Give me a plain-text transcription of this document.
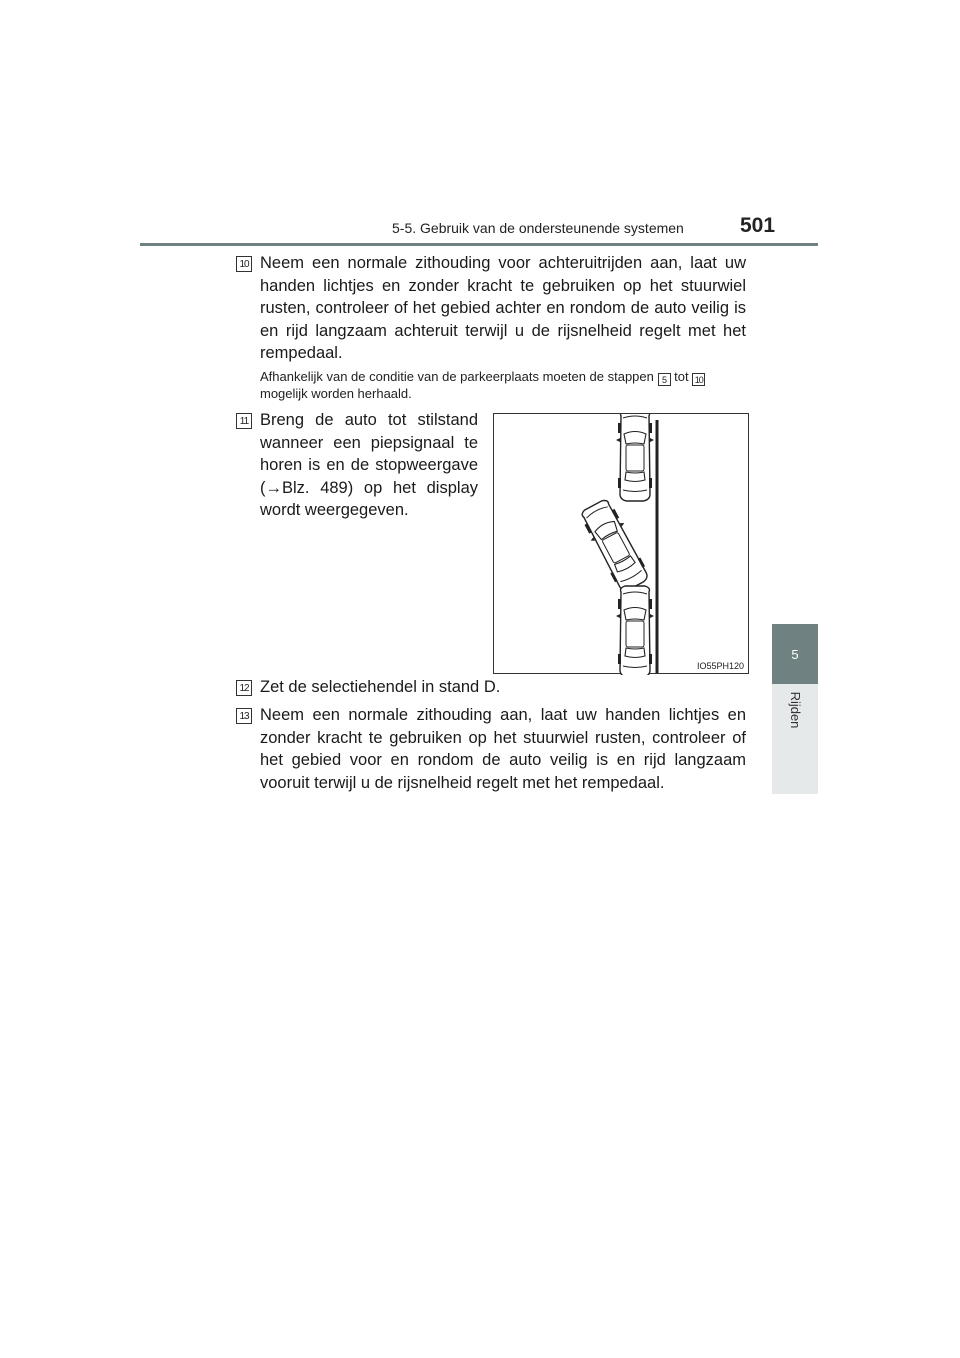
5-5. Gebruik van de ondersteunende systemen	501
5
Rijden
10 Neem een normale zithouding voor achteruitrijden aan, laat uw handen lichtjes en zonder kracht te gebruiken op het stuurwiel rusten, controleer of het gebied achter en rondom de auto veilig is en rijd langzaam achteruit terwijl u de rijsnelheid regelt met het rempedaal.
Afhankelijk van de conditie van de parkeerplaats moeten de stappen 5 tot 10 mogelijk worden herhaald.
11 Breng de auto tot stilstand wanneer een piepsignaal te horen is en de stopweergave (→Blz. 489) op het display wordt weergegeven.
IO55PH120
12 Zet de selectiehendel in stand D.
13 Neem een normale zithouding aan, laat uw handen lichtjes en zonder kracht te gebruiken op het stuurwiel rusten, controleer of het gebied voor en rondom de auto veilig is en rijd langzaam vooruit terwijl u de rijsnelheid regelt met het rempedaal.
